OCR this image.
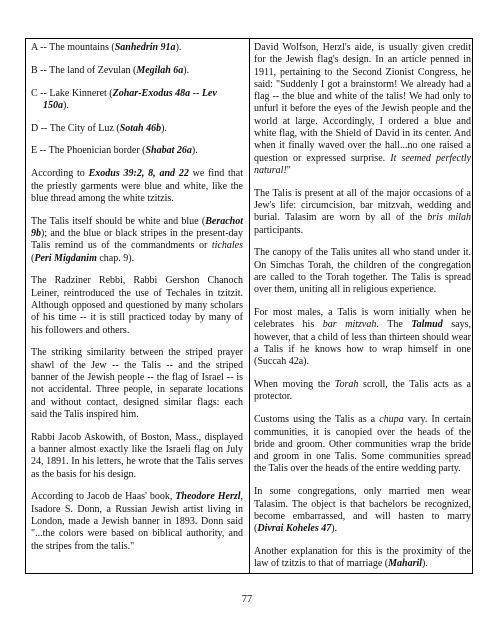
A -- The mountains (Sanhedrin 91a).

B -- The land of Zevulan (Megilah 6a).

C -- Lake Kinneret (Zohar-Exodus 48a -- Lev 150a).

D -- The City of Luz (Sotah 46b).

E -- The Phoenician border (Shabat 26a).

According to Exodus 39:2, 8, and 22 we find that the priestly garments were blue and white, like the blue thread among the white tzitzis.

The Talis itself should be white and blue (Berachot 9b); and the blue or black stripes in the present-day Talis remind us of the commandments or tichales (Peri Migdanim chap. 9).

The Radziner Rebbi, Rabbi Gershon Chanoch Leiner, reintroduced the use of Techales in tzitzit. Although opposed and questioned by many scholars of his time -- it is still practiced today by many of his followers and others.

The striking similarity between the striped prayer shawl of the Jew -- the Talis -- and the striped banner of the Jewish people -- the flag of Israel -- is not accidental. Three people, in separate locations and without contact, designed similar flags: each said the Talis inspired him.

Rabbi Jacob Askowith, of Boston, Mass., displayed a banner almost exactly like the Israeli flag on July 24, 1891. In his letters, he wrote that the Talis serves as the basis for his design.

According to Jacob de Haas' book, Theodore Herzl, Isadore S. Donn, a Russian Jewish artist living in London, made a Jewish banner in 1893. Donn said "...the colors were based on biblical authority, and the stripes from the talis."

David Wolfson, Herzl's aide, is usually given credit for the Jewish flag's design. In an article penned in 1911, pertaining to the Second Zionist Congress, he said: "Suddenly I got a brainstorm! We already had a flag -- the blue and white of the talis! We had only to unfurl it before the eyes of the Jewish people and the world at large. Accordingly, I ordered a blue and white flag, with the Shield of David in its center. And when it finally waved over the hall...no one raised a question or expressed surprise. It seemed perfectly natural!"

The Talis is present at all of the major occasions of a Jew's life: circumcision, bar mitzvah, wedding and burial. Talasim are worn by all of the bris milah participants.

The canopy of the Talis unites all who stand under it. On Simchas Torah, the children of the congregation are called to the Torah together. The Talis is spread over them, uniting all in religious experience.

For most males, a Talis is worn initially when he celebrates his bar mitzvah. The Talmud says, however, that a child of less than thirteen should wear a Talis if he knows how to wrap himself in one (Succah 42a).

When moving the Torah scroll, the Talis acts as a protector.

Customs using the Talis as a chupa vary. In certain communities, it is canopied over the heads of the bride and groom. Other communities wrap the bride and groom in one Talis. Some communities spread the Talis over the heads of the entire wedding party.

In some congregations, only married men wear Talasim. The object is that bachelors be recognized, become embarrassed, and will hasten to marry (Divrai Koheles 47).

Another explanation for this is the proximity of the law of tzitzis to that of marriage (Maharil).

77
